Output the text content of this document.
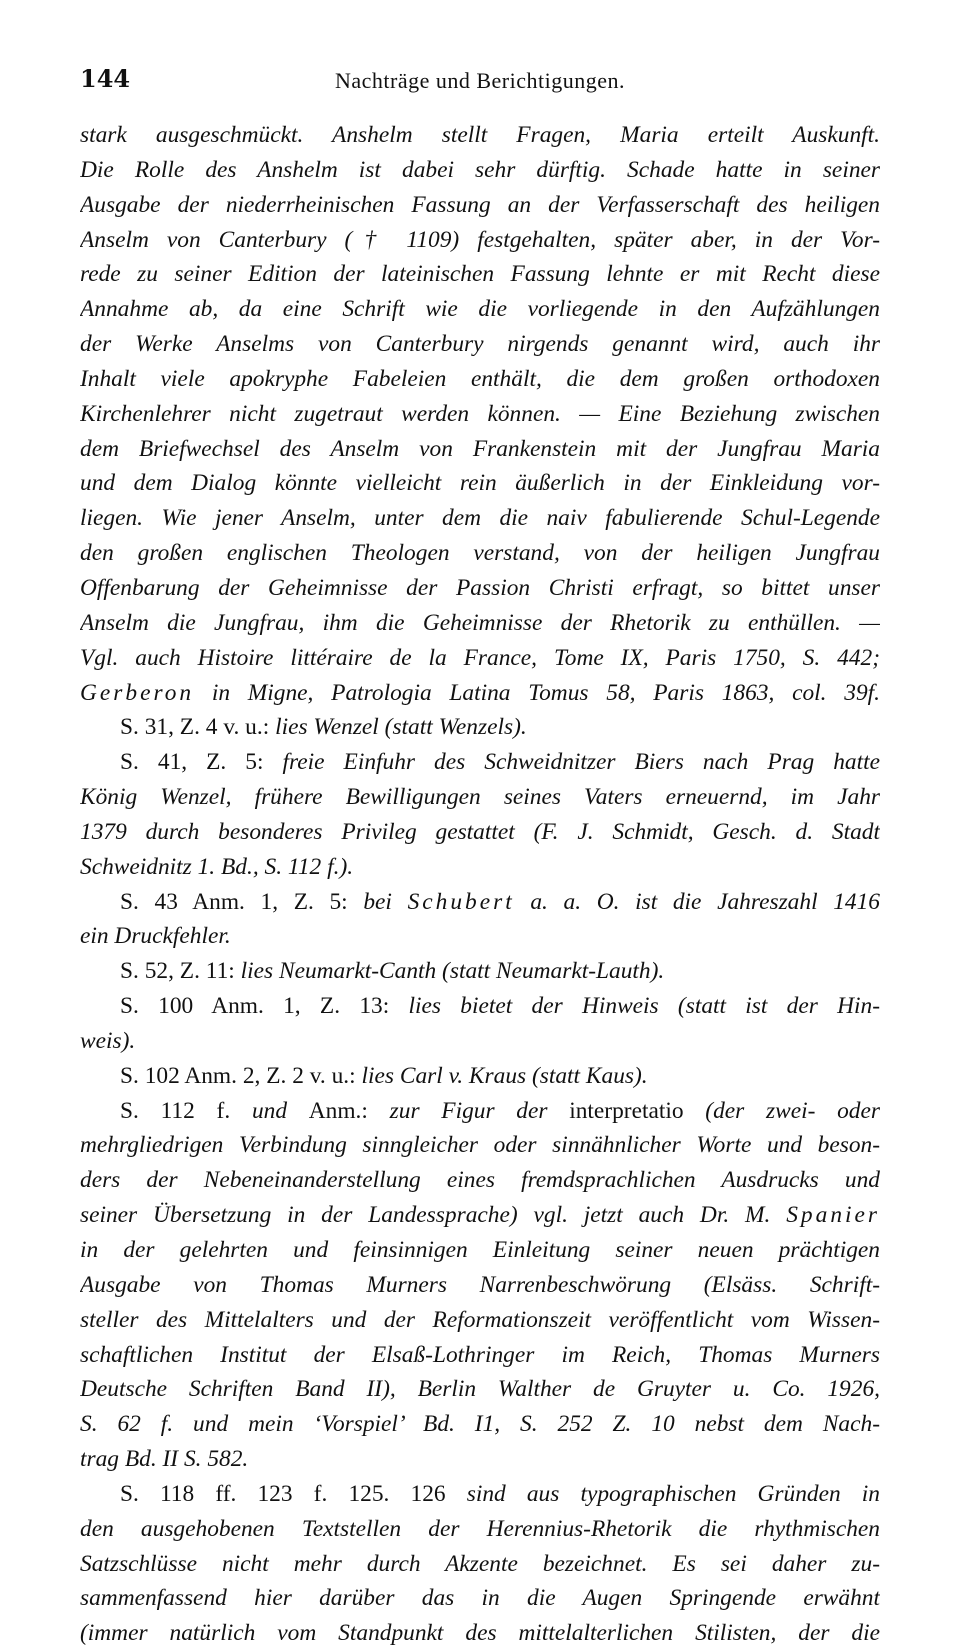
144	Nachträge und Berichtigungen.
stark ausgeschmückt. Anshelm stellt Fragen, Maria erteilt Auskunft.
Die Rolle des Anshelm ist dabei sehr dürftig. Schade hatte in seiner
Ausgabe der niederrheinischen Fassung an der Verfasserschaft des heiligen
Anselm von Canterbury († 1109) festgehalten, später aber, in der Vor-
rede zu seiner Edition der lateinischen Fassung lehnte er mit Recht diese
Annahme ab, da eine Schrift wie die vorliegende in den Aufzählungen
der Werke Anselms von Canterbury nirgends genannt wird, auch ihr
Inhalt viele apokryphe Fabeleien enthält, die dem großen orthodoxen
Kirchenlehrer nicht zugetraut werden können. — Eine Beziehung zwischen
dem Briefwechsel des Anselm von Frankenstein mit der Jungfrau Maria
und dem Dialog könnte vielleicht rein äußerlich in der Einkleidung vor-
liegen. Wie jener Anselm, unter dem die naiv fabulierende Schul-Legende
den großen englischen Theologen verstand, von der heiligen Jungfrau
Offenbarung der Geheimnisse der Passion Christi erfragt, so bittet unser
Anselm die Jungfrau, ihm die Geheimnisse der Rhetorik zu enthüllen. —
Vgl. auch Histoire littéraire de la France, Tome IX, Paris 1750, S. 442;
Gerberon in Migne, Patrologia Latina Tomus 58, Paris 1863, col. 39f.
S. 31, Z. 4 v. u.: lies Wenzel (statt Wenzels).
S. 41, Z. 5: freie Einfuhr des Schweidnitzer Biers nach Prag hatte
König Wenzel, frühere Bewilligungen seines Vaters erneuernd, im Jahr
1379 durch besonderes Privileg gestattet (F. J. Schmidt, Gesch. d. Stadt
Schweidnitz 1. Bd., S. 112 f.).
S. 43 Anm. 1, Z. 5: bei Schubert a. a. O. ist die Jahreszahl 1416
ein Druckfehler.
S. 52, Z. 11: lies Neumarkt-Canth (statt Neumarkt-Lauth).
S. 100 Anm. 1, Z. 13: lies bietet der Hinweis (statt ist der Hin-
weis).
S. 102 Anm. 2, Z. 2 v. u.: lies Carl v. Kraus (statt Kaus).
S. 112 f. und Anm.: zur Figur der interpretatio (der zwei- oder
mehrgliedrigen Verbindung sinngleicher oder sinnähnlicher Worte und beson-
ders der Nebeneinanderstellung eines fremdsprachlichen Ausdrucks und
seiner Übersetzung in der Landessprache) vgl. jetzt auch Dr. M. Spanier
in der gelehrten und feinsinnigen Einleitung seiner neuen prächtigen
Ausgabe von Thomas Murners Narrenbeschwörung (Elsäss. Schrift-
steller des Mittelalters und der Reformationszeit veröffentlicht vom Wissen-
schaftlichen Institut der Elsaß-Lothringer im Reich, Thomas Murners
Deutsche Schriften Band II), Berlin Walther de Gruyter u. Co. 1926,
S. 62 f. und mein ‘Vorspiel’ Bd. I1, S. 252 Z. 10 nebst dem Nach-
trag Bd. II S. 582.
S. 118 ff. 123 f. 125. 126 sind aus typographischen Gründen in
den ausgehobenen Textstellen der Herennius-Rhetorik die rhythmischen
Satzschlüsse nicht mehr durch Akzente bezeichnet. Es sei daher zu-
sammenfassend hier darüber das in die Augen Springende erwähnt
(immer natürlich vom Standpunkt des mittelalterlichen Stilisten, der die
